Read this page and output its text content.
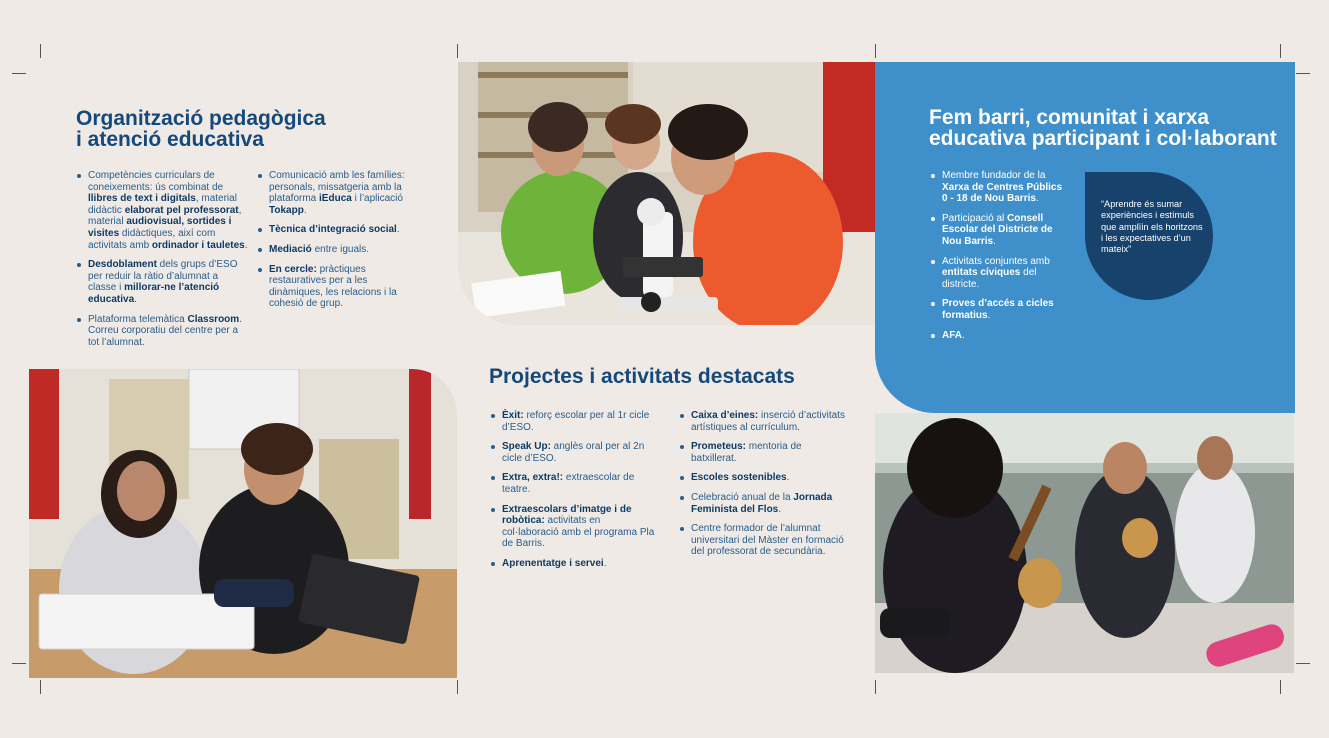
Organització pedagògica
i atenció educativa
Competències curriculars de coneixements: ús combinat de llibres de text i digitals, material didàctic elaborat pel professorat, material audiovisual, sortides i visites didàctiques, així com activitats amb ordinador i tauletes.
Desdoblament dels grups d’ESO per reduir la ràtio d’alumnat a classe i millorar-ne l’atenció educativa.
Plataforma telemàtica Classroom. Correu corporatiu del centre per a tot l’alumnat.
Comunicació amb les famílies: personals, missatgeria amb la plataforma iEduca i l’aplicació Tokapp.
Tècnica d’integració social.
Mediació entre iguals.
En cercle: pràctiques restauratives per a les dinàmiques, les relacions i la cohesió de grup.
Fem barri, comunitat i xarxa
educativa participant i col·laborant
Membre fundador de la Xarxa de Centres Públics 0 - 18 de Nou Barris.
Participació al Consell Escolar del Districte de Nou Barris.
Activitats conjuntes amb entitats cíviques del districte.
Proves d’accés a cicles formatius.
AFA.
“Aprendre és sumar experiències i estímuls que amplïin els horitzons i les expectatives d’un mateix”
Projectes i activitats destacats
Èxit: reforç escolar per al 1r cicle d’ESO.
Speak Up: anglès oral per al 2n cicle d’ESO.
Extra, extra!: extraescolar de teatre.
Extraescolars d’imatge i de robòtica: activitats en col·laboració amb el programa Pla de Barris.
Aprenentatge i servei.
Caixa d’eines: inserció d’activitats artístiques al currículum.
Prometeus: mentoria de batxillerat.
Escoles sostenibles.
Celebració anual de la Jornada Feminista del Flos.
Centre formador de l’alumnat universitari del Màster en formació del professorat de secundària.
